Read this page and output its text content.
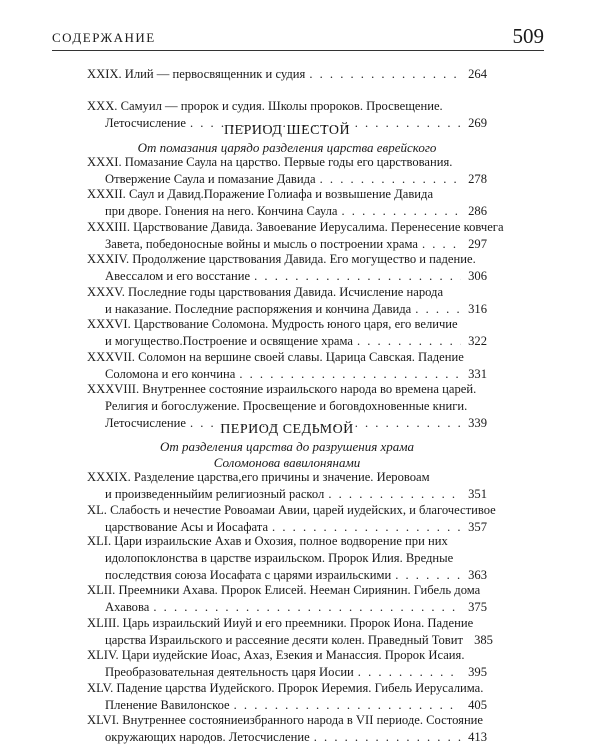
СОДЕРЖАНИЕ	509
XXIX. Илий — первосвященник и судия . . .	264
XXX. Самуил — пророк и судия. Школы пророков. Просвещение.
Летосчисление . . .	269
ПЕРИОД ШЕСТОЙ
От помазания царядо разделения царства еврейского
XXXI. Помазание Саула на царство. Первые годы его царствования.
Отвержение Саула и помазание Давида . . .	278
XXXII. Саул и Давид.Поражение Голиафа и возвышение Давида
при дворе. Гонения на него. Кончина Саула . . .	286
XXXIII. Царствование Давида. Завоевание Иерусалима. Перенесение ковчега
Завета, победоносные войны и мысль о построении храма . . .	297
XXXIV. Продолжение царствования Давида. Его могущество и падение.
Авессалом и его восстание . . .	306
XXXV. Последние годы царствования Давида. Исчисление народа
и наказание. Последние распоряжения и кончина Давида . . .	316
XXXVI. Царствование Соломона. Мудрость юного царя, его величие
и могущество.Построение и освящение храма . . .	322
XXXVII. Соломон на вершине своей славы. Царица Савская. Падение
Соломона и его кончина . . .	331
XXXVIII. Внутреннее состояние израильского народа во времена царей.
Религия и богослужение. Просвещение и боговдохновенные книги.
Летосчисление . . .	339
ПЕРИОД СЕДЬМОЙ
От разделения царства до разрушения храма
Соломонова вавилонянами
XXXIX. Разделение царства,его причины и значение. Иеровоам
и произведенныйим религиозный раскол . . .	351
XL. Слабость и нечестие Ровоамаи Авии, царей иудейских, и благочестивое
царствование Асы и Иосафата . . .	357
XLI. Цари израильские Ахав и Охозия, полное водворение при них
идолопоклонства в царстве израильском. Пророк Илия. Вредные
последствия союза Иосафата с царями израильскими . . .	363
XLII. Преемники Ахава. Пророк Елисей. Нееман Сириянин. Гибель дома
Ахавова . . .	375
XLIII. Царь израильский Ииуй и его преемники. Пророк Иона. Падение
царства Израильского и рассеяние десяти колен. Праведный Товит 385
XLIV. Цари иудейские Иоас, Ахаз, Езекия и Манассия. Пророк Исаия.
Преобразовательная деятельность царя Иосии . . .	395
XLV. Падение царства Иудейского. Пророк Иеремия. Гибель Иерусалима.
Пленение Вавилонское . . .	405
XLVI. Внутреннее состояниеизбранного народа в VII периоде. Состояние
окружающих народов. Летосчисление . . .	413
